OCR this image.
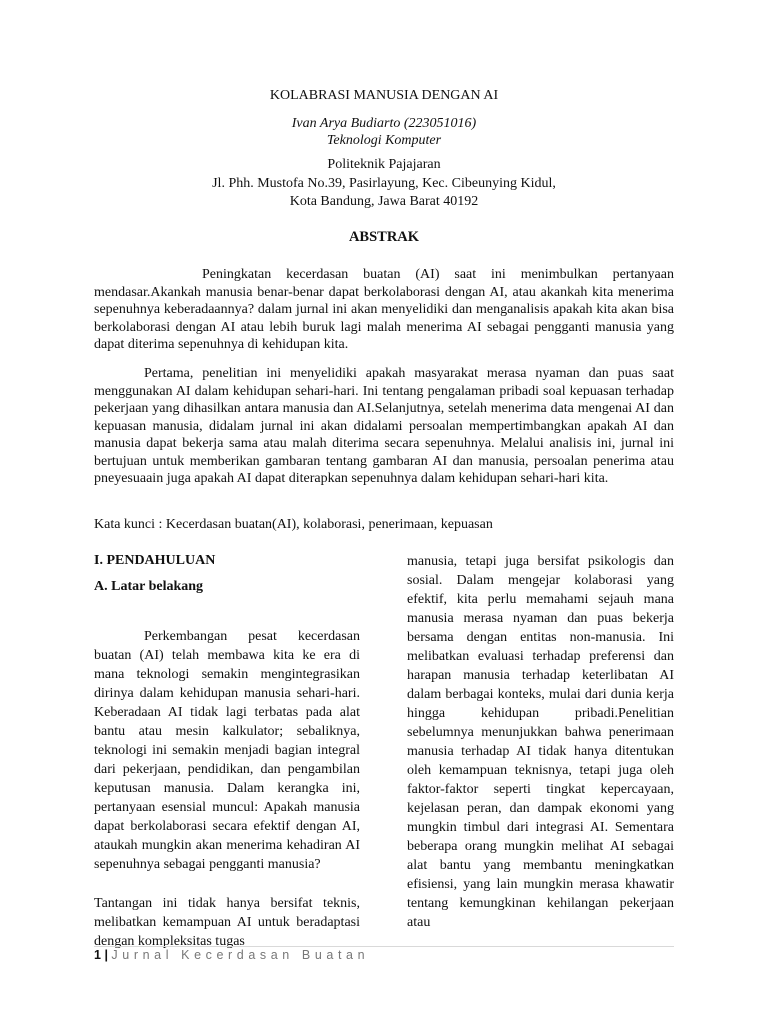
KOLABRASI MANUSIA DENGAN AI
Ivan Arya Budiarto (223051016)
Teknologi Komputer
Politeknik Pajajaran
Jl. Phh. Mustofa No.39, Pasirlayung, Kec. Cibeunying Kidul,
Kota Bandung, Jawa Barat 40192
ABSTRAK

Peningkatan kecerdasan buatan (AI) saat ini menimbulkan pertanyaan mendasar.Akankah manusia benar-benar dapat berkolaborasi dengan AI, atau akankah kita menerima sepenuhnya keberadaannya? dalam jurnal ini akan menyelidiki dan menganalisis apakah kita akan bisa berkolaborasi dengan AI atau lebih buruk lagi malah menerima AI sebagai pengganti manusia yang dapat diterima sepenuhnya di kehidupan kita.

Pertama, penelitian ini menyelidiki apakah masyarakat merasa nyaman dan puas saat menggunakan AI dalam kehidupan sehari-hari. Ini tentang pengalaman pribadi soal kepuasan terhadap pekerjaan yang dihasilkan antara manusia dan AI.Selanjutnya, setelah menerima data mengenai AI dan kepuasan manusia, didalam jurnal ini akan didalami persoalan mempertimbangkan apakah AI dan manusia dapat bekerja sama atau malah diterima secara sepenuhnya. Melalui analisis ini, jurnal ini bertujuan untuk memberikan gambaran tentang gambaran AI dan manusia, persoalan penerima atau pneyesuaain juga apakah AI dapat diterapkan sepenuhnya dalam kehidupan sehari-hari kita.

Kata kunci : Kecerdasan buatan(AI), kolaborasi, penerimaan, kepuasan

I. PENDAHULUAN
A. Latar belakang

Perkembangan pesat kecerdasan buatan (AI) telah membawa kita ke era di mana teknologi semakin mengintegrasikan dirinya dalam kehidupan manusia sehari-hari. Keberadaan AI tidak lagi terbatas pada alat bantu atau mesin kalkulator; sebaliknya, teknologi ini semakin menjadi bagian integral dari pekerjaan, pendidikan, dan pengambilan keputusan manusia. Dalam kerangka ini, pertanyaan esensial muncul: Apakah manusia dapat berkolaborasi secara efektif dengan AI, ataukah mungkin akan menerima kehadiran AI sepenuhnya sebagai pengganti manusia?

Tantangan ini tidak hanya bersifat teknis, melibatkan kemampuan AI untuk beradaptasi dengan kompleksitas tugas

manusia, tetapi juga bersifat psikologis dan sosial. Dalam mengejar kolaborasi yang efektif, kita perlu memahami sejauh mana manusia merasa nyaman dan puas bekerja bersama dengan entitas non-manusia. Ini melibatkan evaluasi terhadap preferensi dan harapan manusia terhadap keterlibatan AI dalam berbagai konteks, mulai dari dunia kerja hingga kehidupan pribadi.Penelitian sebelumnya menunjukkan bahwa penerimaan manusia terhadap AI tidak hanya ditentukan oleh kemampuan teknisnya, tetapi juga oleh faktor-faktor seperti tingkat kepercayaan, kejelasan peran, dan dampak ekonomi yang mungkin timbul dari integrasi AI. Sementara beberapa orang mungkin melihat AI sebagai alat bantu yang membantu meningkatkan efisiensi, yang lain mungkin merasa khawatir tentang kemungkinan kehilangan pekerjaan atau

1 | Jurnal Kecerdasan Buatan
